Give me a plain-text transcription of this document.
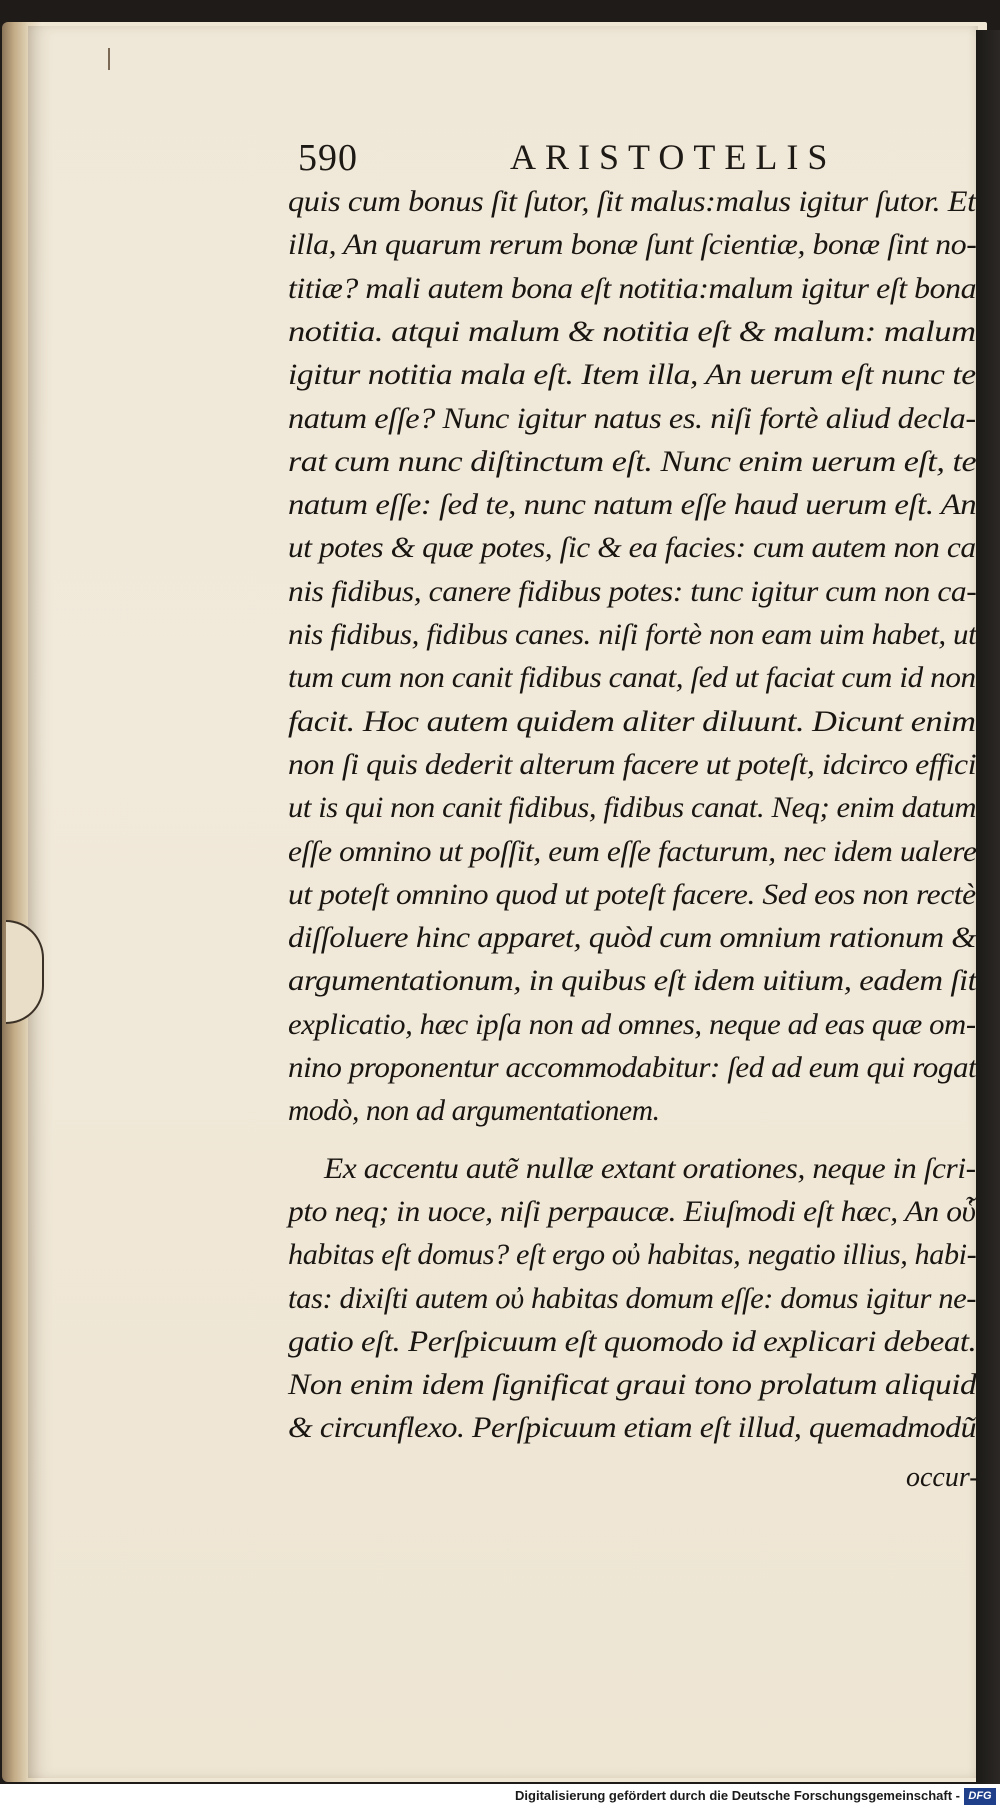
590	ARISTOTELIS
quis cum bonus ſit ſutor, ſit malus:malus igitur ſutor. Et
illa, An quarum rerum bonæ ſunt ſcientiæ, bonæ ſint no-
titiæ? mali autem bona eſt notitia:malum igitur eſt bona
notitia. atqui malum & notitia eſt & malum: malum
igitur notitia mala eſt. Item illa, An uerum eſt nunc te
natum eſſe? Nunc igitur natus es. niſi fortè aliud decla-
rat cum nunc diſtinctum eſt. Nunc enim uerum eſt, te
natum eſſe: ſed te, nunc natum eſſe haud uerum eſt. An
ut potes & quæ potes, ſic & ea facies: cum autem non ca
nis fidibus, canere fidibus potes: tunc igitur cum non ca-
nis fidibus, fidibus canes. niſi fortè non eam uim habet, ut
tum cum non canit fidibus canat, ſed ut faciat cum id non
facit. Hoc autem quidem aliter diluunt. Dicunt enim
non ſi quis dederit alterum facere ut poteſt, idcirco effici
ut is qui non canit fidibus, fidibus canat. Neq; enim datum
eſſe omnino ut poſſit, eum eſſe facturum, nec idem ualere
ut poteſt omnino quod ut poteſt facere. Sed eos non rectè
diſſoluere hinc apparet, quòd cum omnium rationum &
argumentationum, in quibus eſt idem uitium, eadem ſit
explicatio, hæc ipſa non ad omnes, neque ad eas quæ om-
nino proponentur accommodabitur: ſed ad eum qui rogat
modò, non ad argumentationem.
Ex accentu autẽ nullæ extant orationes, neque in ſcri-
pto neq; in uoce, niſi perpaucæ. Eiuſmodi eſt hæc, An οὗ
habitas eſt domus? eſt ergo οὐ habitas, negatio illius, habi-
tas: dixiſti autem οὐ habitas domum eſſe: domus igitur ne-
gatio eſt. Perſpicuum eſt quomodo id explicari debeat.
Non enim idem ſignificat graui tono prolatum aliquid
& circunflexo. Perſpicuum etiam eſt illud, quemadmodũ
occur-
Digitalisierung gefördert durch die Deutsche Forschungsgemeinschaft - DFG
